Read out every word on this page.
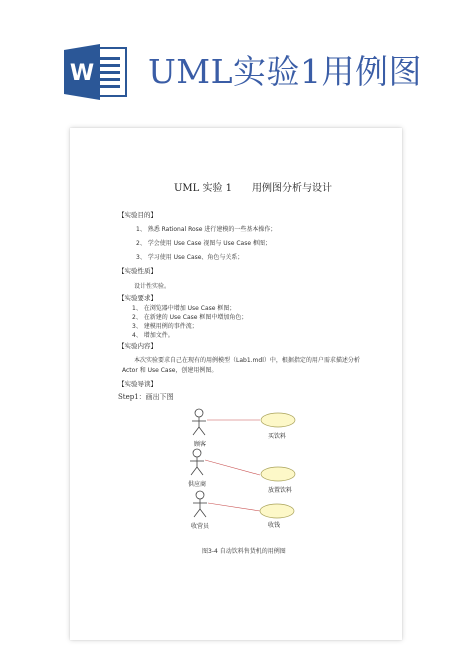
W UML实验1用例图
UML 实验 1　　用例图分析与设计
【实验目的】
1、 熟悉 Rational Rose 进行建模的一些基本操作；
2、 学会使用 Use Case 视图与 Use Case 框图；
3、 学习使用 Use Case、角色与关系；
【实验性质】
设计性实验。
【实验要求】
1、 在浏览器中增加 Use Case 框图；
2、 在新建的 Use Case 框图中增加角色；
3、 建模用例的事件流；
4、 增加文件。
【实验内容】
本次实验要求自己在现有的用例模型（Lab1.mdl）中，根据指定的用户需求描述分析
Actor 和 Use Case，创建用例图。
【实验导读】
Step1：画出下图
顾客
供应商
收营员
买饮料
放置饮料
收钱
图3-4 自动饮料售货机的用例图
